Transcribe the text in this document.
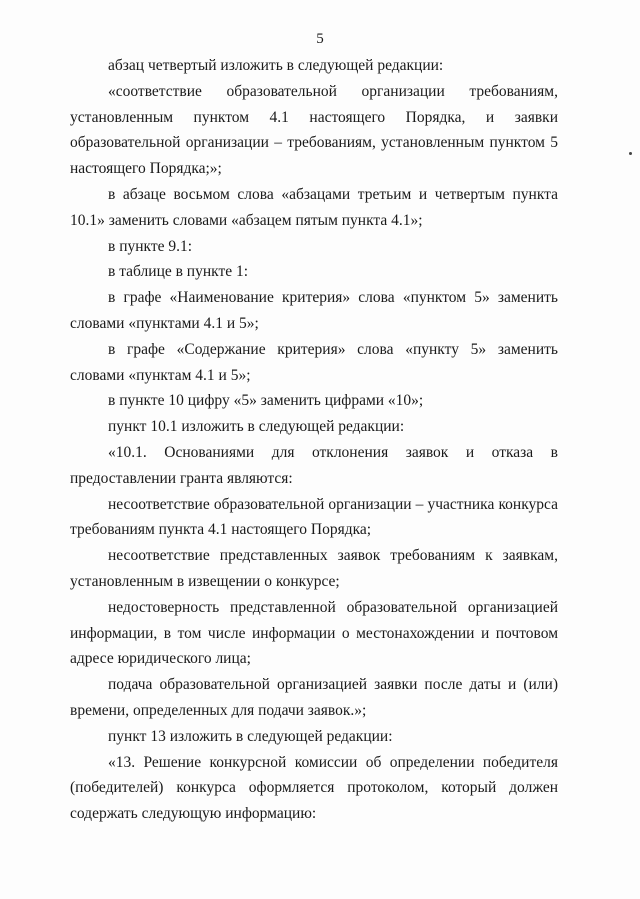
5

абзац четвертый изложить в следующей редакции:

«соответствие образовательной организации требованиям, установленным пунктом 4.1 настоящего Порядка, и заявки образовательной организации – требованиям, установленным пунктом 5 настоящего Порядка;»;

в абзаце восьмом слова «абзацами третьим и четвертым пункта 10.1» заменить словами «абзацем пятым пункта 4.1»;

в пункте 9.1:

в таблице в пункте 1:

в графе «Наименование критерия» слова «пунктом 5» заменить словами «пунктами 4.1 и 5»;

в графе «Содержание критерия» слова «пункту 5» заменить словами «пунктам 4.1 и 5»;

в пункте 10 цифру «5» заменить цифрами «10»;

пункт 10.1 изложить в следующей редакции:

«10.1. Основаниями для отклонения заявок и отказа в предоставлении гранта являются:

несоответствие образовательной организации – участника конкурса требованиям пункта 4.1 настоящего Порядка;

несоответствие представленных заявок требованиям к заявкам, установленным в извещении о конкурсе;

недостоверность представленной образовательной организацией информации, в том числе информации о местонахождении и почтовом адресе юридического лица;

подача образовательной организацией заявки после даты и (или) времени, определенных для подачи заявок.»;

пункт 13 изложить в следующей редакции:

«13. Решение конкурсной комиссии об определении победителя (победителей) конкурса оформляется протоколом, который должен содержать следующую информацию:
